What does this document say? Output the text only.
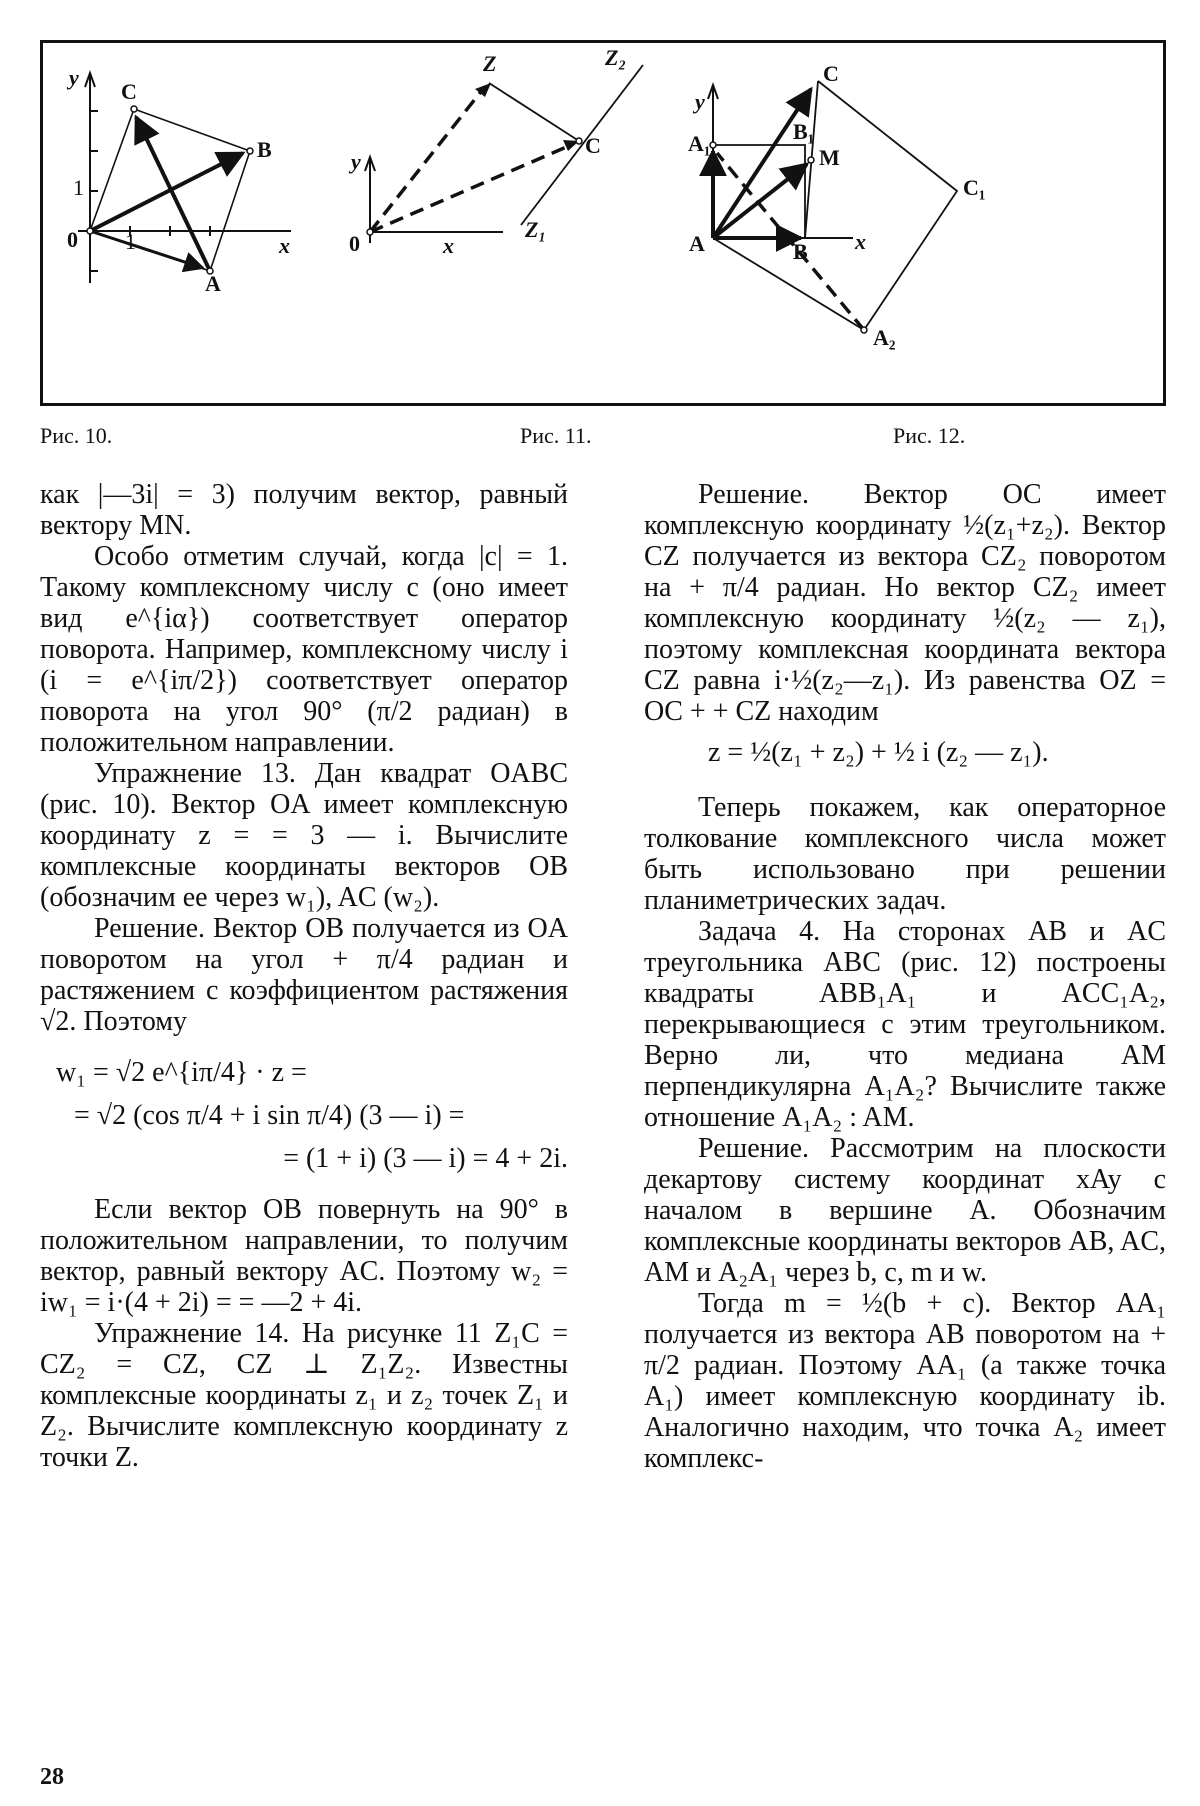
y
x
0
1
1
A
B
C
y
x
0
Z	Z₂
Z₁
C
y
x
A	B
C
A₁	B₁
M
C₁
A₂
Рис. 10.	Рис. 11.	Рис. 12.

как |—3i| = 3) получим вектор, равный вектору MN.

Особо отметим случай, когда |c| = 1. Такому комплексному числу c (оно имеет вид e^{iα}) соответствует оператор поворота. Например, комплексному числу i (i = e^{iπ/2}) соответствует оператор поворота на угол 90° (π/2 радиан) в положительном направлении.

Упражнение 13. Дан квадрат OABC (рис. 10). Вектор OA имеет комплексную координату z = = 3 — i. Вычислите комплексные координаты векторов OB (обозначим ее через w₁), AC (w₂).

Решение. Вектор OB получается из OA поворотом на угол + π/4 радиан и растяжением с коэффициентом растяжения √2. Поэтому

w₁ = √2 e^{iπ/4} · z =

= √2 (cos π/4 + i sin π/4) (3 — i) =

= (1 + i) (3 — i) = 4 + 2i.

Если вектор OB повернуть на 90° в положительном направлении, то получим вектор, равный вектору AC. Поэтому w₂ = iw₁ = i·(4 + 2i) = = —2 + 4i.

Упражнение 14. На рисунке 11 Z₁C = CZ₂ = CZ, CZ ⊥ Z₁Z₂. Известны комплексные координаты z₁ и z₂ точек Z₁ и Z₂. Вычислите комплексную координату z точки Z.

Решение. Вектор OC имеет комплексную координату ½(z₁+z₂). Вектор CZ получается из вектора CZ₂ поворотом на + π/4 радиан. Но вектор CZ₂ имеет комплексную координату ½(z₂ — z₁), поэтому комплексная координата вектора CZ равна i·½(z₂—z₁). Из равенства OZ = OC + + CZ находим

z = ½(z₁ + z₂) + ½ i (z₂ — z₁).

Теперь покажем, как операторное толкование комплексного числа может быть использовано при решении планиметрических задач.

Задача 4. На сторонах AB и AC треугольника ABC (рис. 12) построены квадраты ABB₁A₁ и ACC₁A₂, перекрывающиеся с этим треугольником. Верно ли, что медиана AM перпендикулярна A₁A₂? Вычислите также отношение A₁A₂ : AM.

Решение. Рассмотрим на плоскости декартову систему координат xAy с началом в вершине A. Обозначим комплексные координаты векторов AB, AC, AM и A₂A₁ через b, c, m и w.

Тогда m = ½(b + c). Вектор AA₁ получается из вектора AB поворотом на + π/2 радиан. Поэтому AA₁ (а также точка A₁) имеет комплексную координату ib. Аналогично находим, что точка A₂ имеет комплекс-

28
